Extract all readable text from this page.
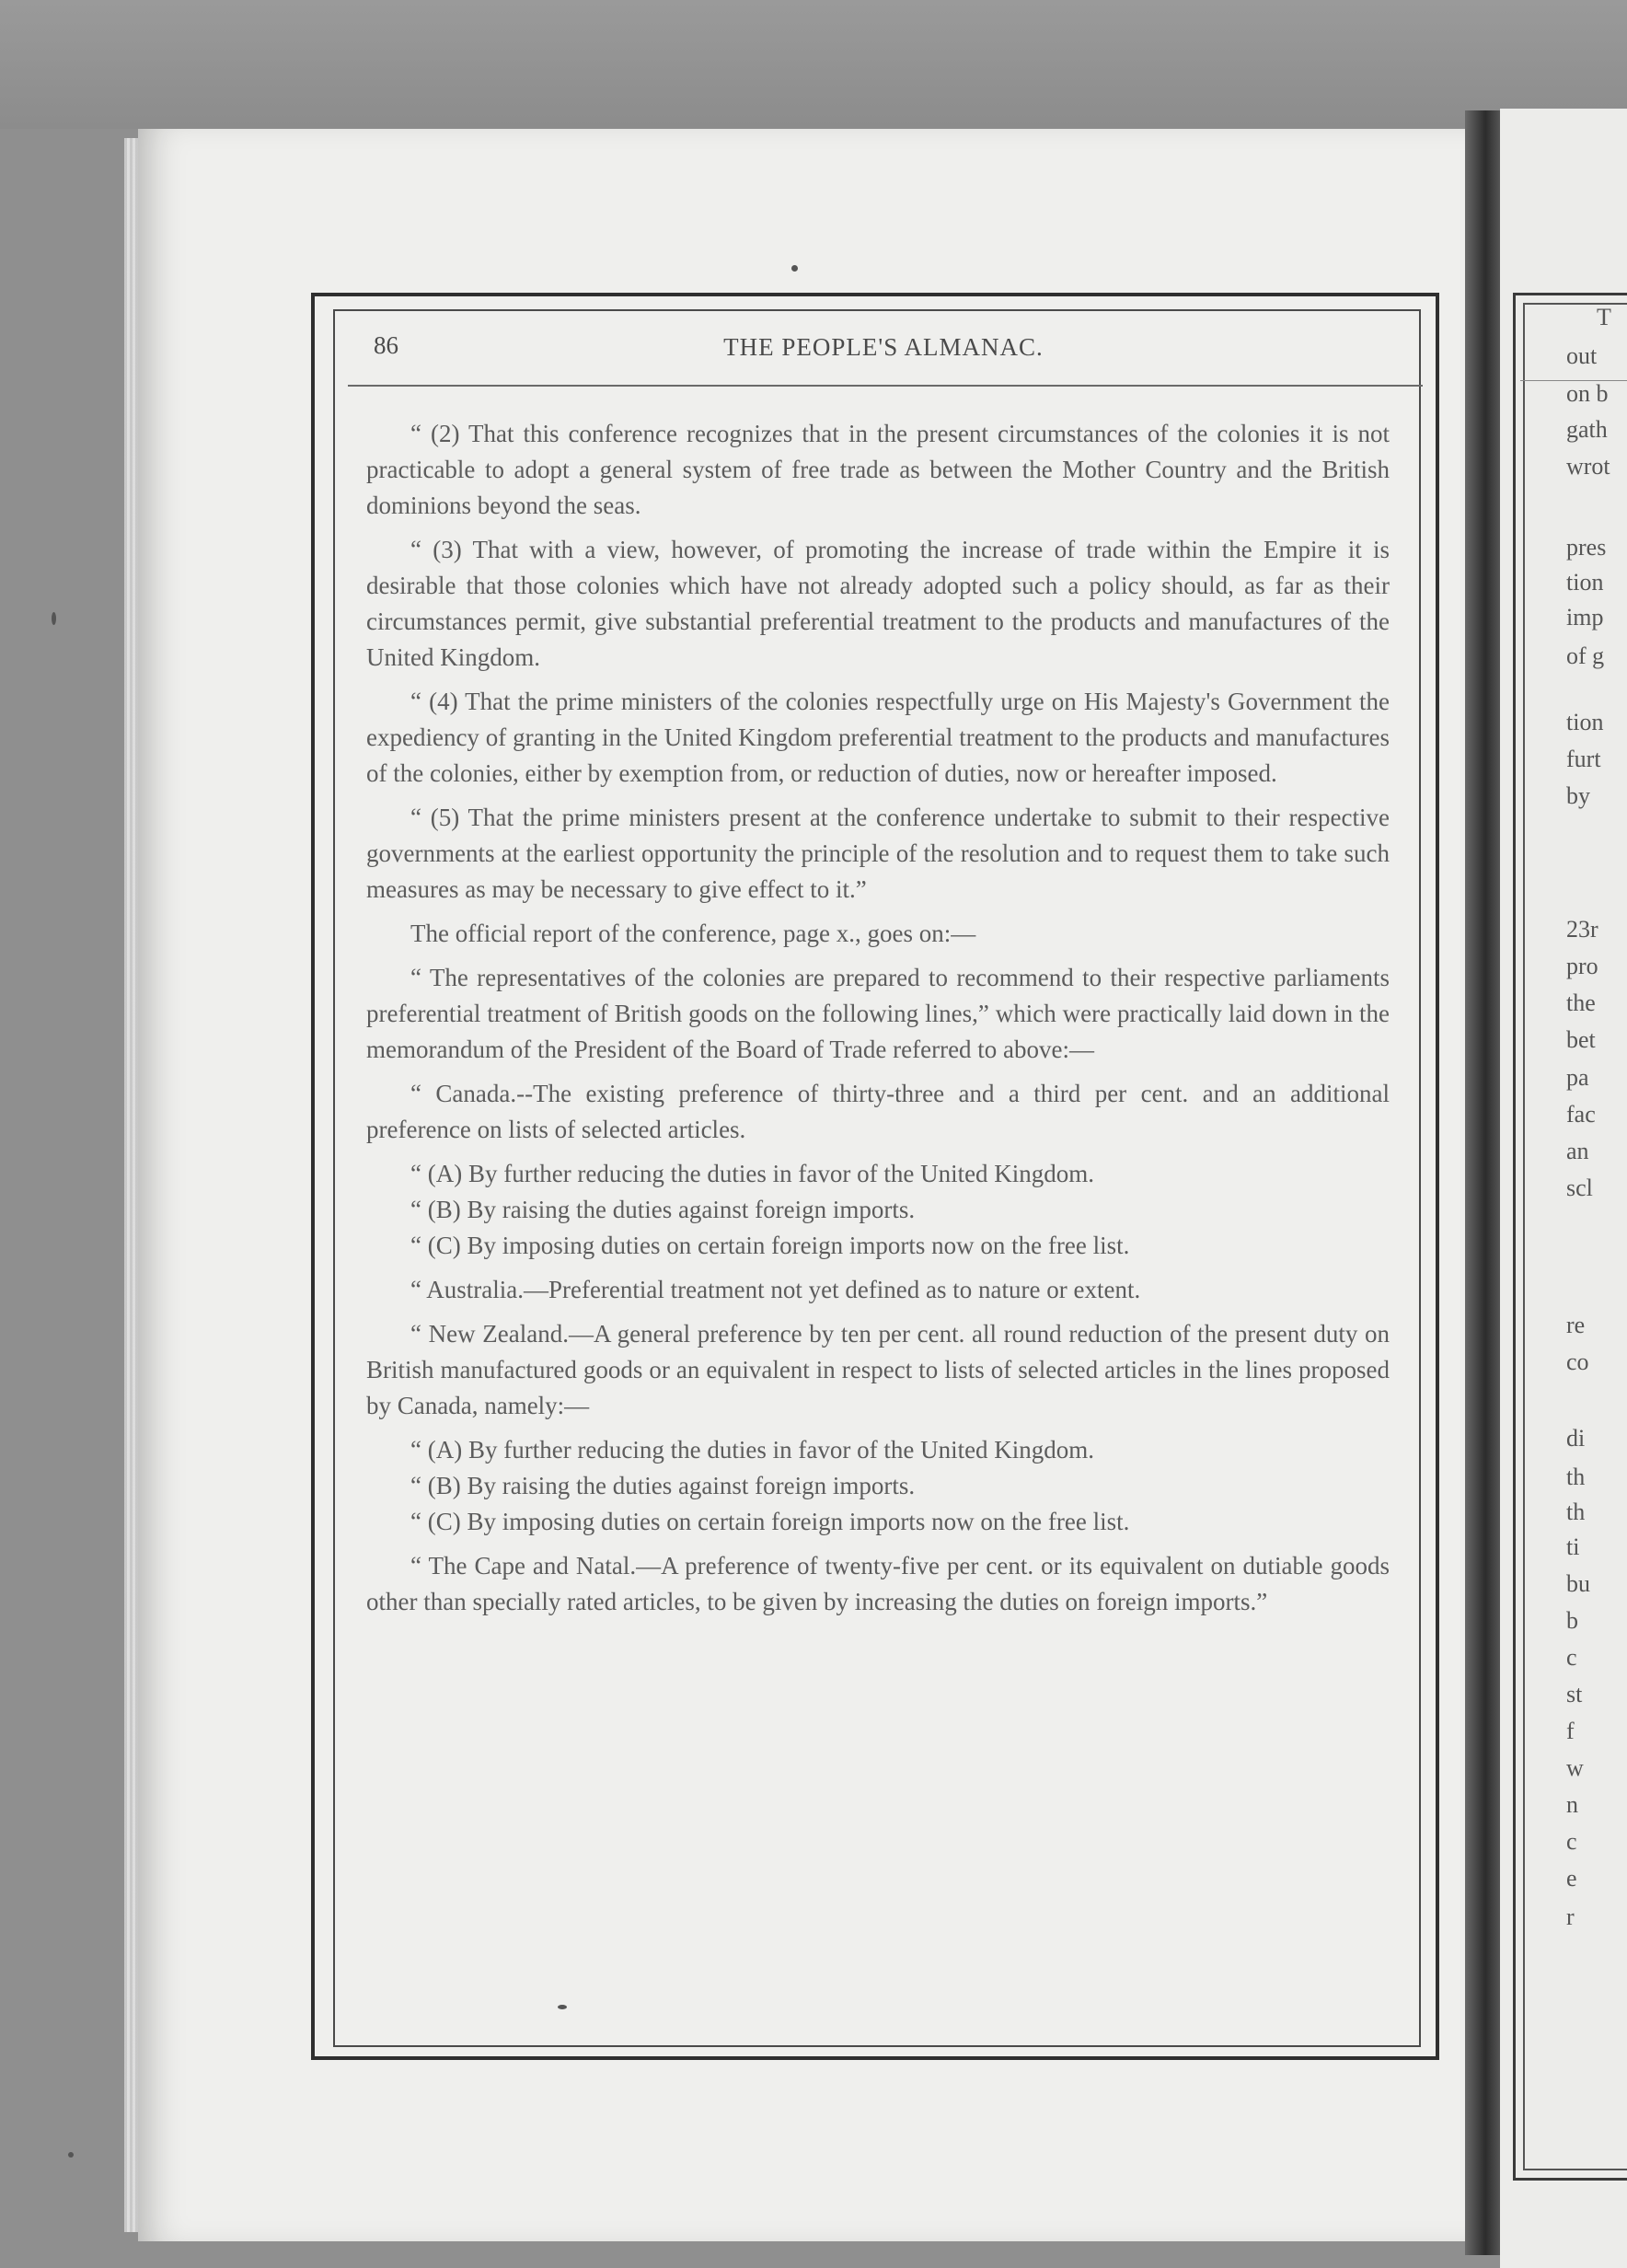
T
out
on b
gath
wrot
pres
tion
imp
of g
tion
furt
by
23r
pro
the
bet
pa
fac
an
scl
re
co
di
th
th
ti
bu
b
c
st
f
w
n
c
e
r
86	THE PEOPLE'S ALMANAC.

“ (2) That this conference recognizes that in the present circumstances of the colonies it is not practicable to adopt a general system of free trade as between the Mother Country and the British dominions beyond the seas.

“ (3) That with a view, however, of promoting the increase of trade within the Empire it is desirable that those colonies which have not already adopted such a policy should, as far as their circumstances permit, give substantial preferential treatment to the products and manufactures of the United Kingdom.

“ (4) That the prime ministers of the colonies respectfully urge on His Majesty's Government the expediency of granting in the United Kingdom preferential treatment to the products and manufactures of the colonies, either by exemption from, or reduction of duties, now or hereafter imposed.

“ (5) That the prime ministers present at the conference undertake to submit to their respective governments at the earliest opportunity the principle of the resolution and to request them to take such measures as may be necessary to give effect to it.”

The official report of the conference, page x., goes on:—

“ The representatives of the colonies are prepared to recommend to their respective parliaments preferential treatment of British goods on the following lines,” which were practically laid down in the memorandum of the President of the Board of Trade referred to above:—

“ Canada.--The existing preference of thirty-three and a third per cent. and an additional preference on lists of selected articles.

“ (A) By further reducing the duties in favor of the United Kingdom.

“ (B) By raising the duties against foreign imports.

“ (C) By imposing duties on certain foreign imports now on the free list.

“ Australia.—Preferential treatment not yet defined as to nature or extent.

“ New Zealand.—A general preference by ten per cent. all round reduction of the present duty on British manufactured goods or an equivalent in respect to lists of selected articles in the lines proposed by Canada, namely:—

“ (A) By further reducing the duties in favor of the United Kingdom.

“ (B) By raising the duties against foreign imports.

“ (C) By imposing duties on certain foreign imports now on the free list.

“ The Cape and Natal.—A preference of twenty-five per cent. or its equivalent on dutiable goods other than specially rated articles, to be given by increasing the duties on foreign imports.”
